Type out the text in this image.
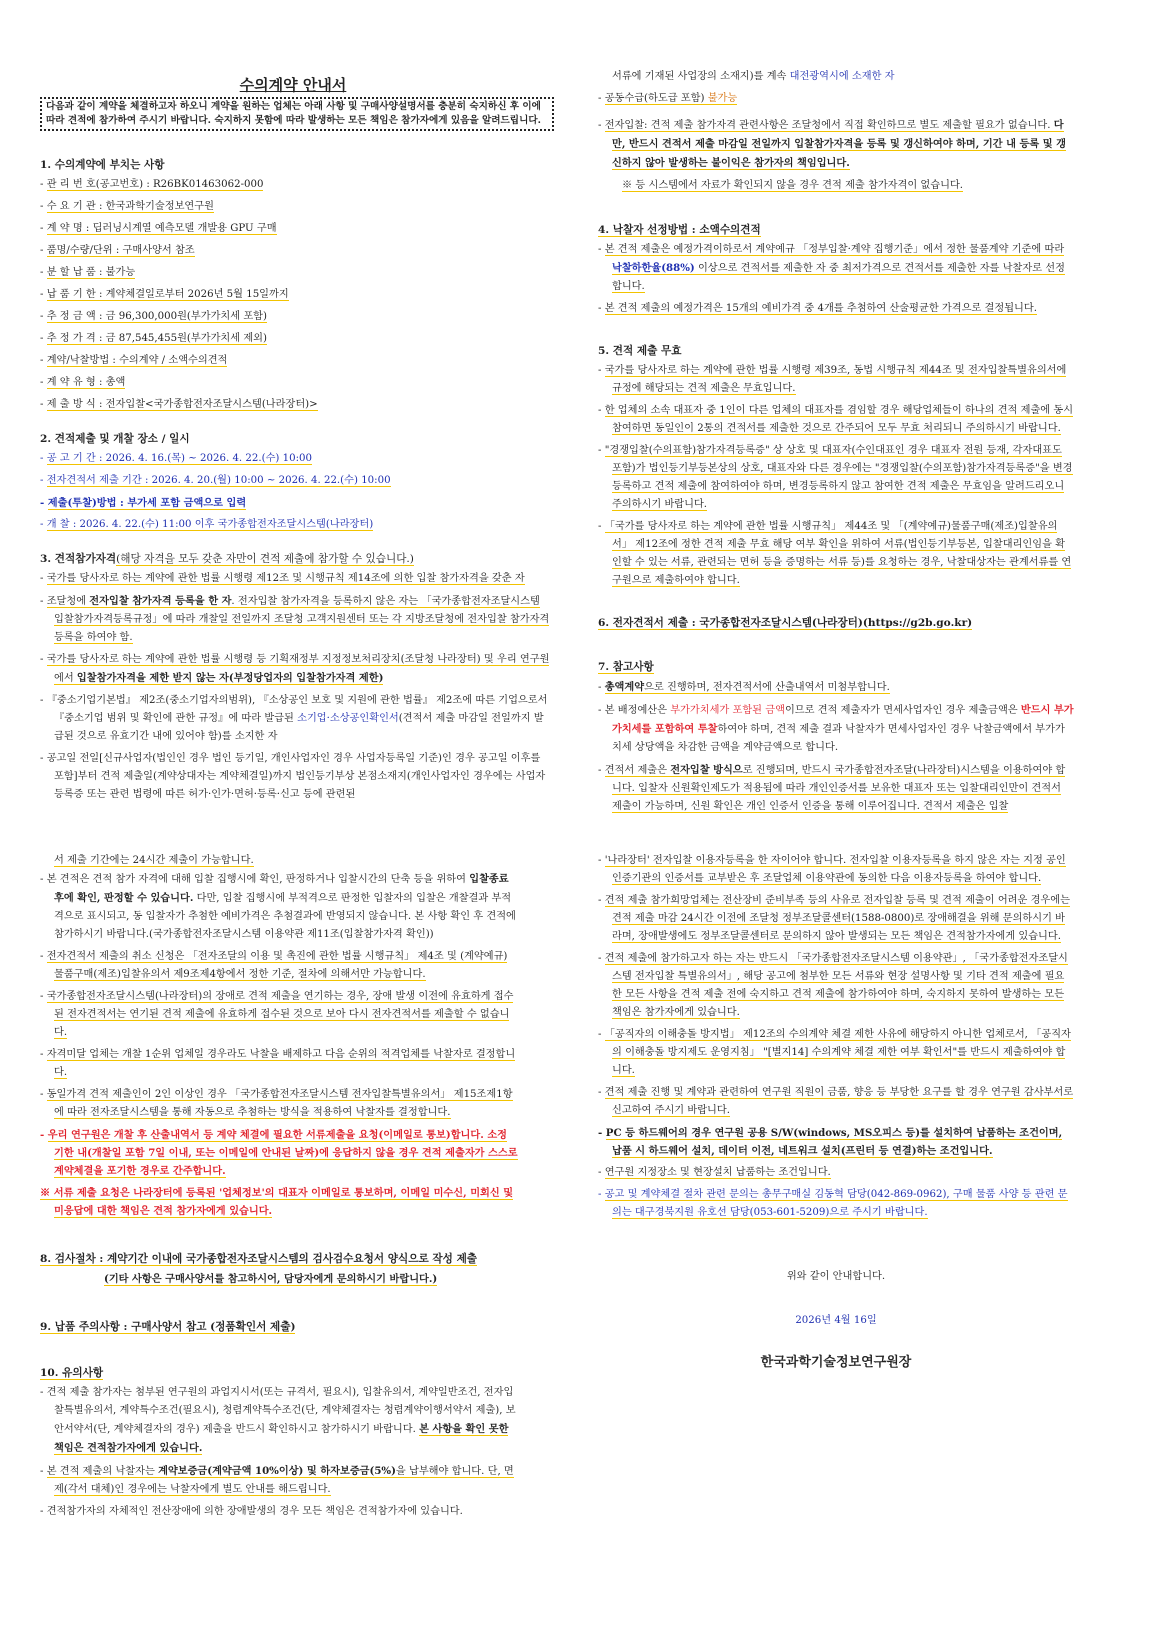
수의계약 안내서
다음과 같이 계약을 체결하고자 하오니 계약을 원하는 업체는 아래 사항 및 구매사양설명서를 충분히 숙지하신 후 이에 따라 견적에 참가하여 주시기 바랍니다. 숙지하지 못함에 따라 발생하는 모든 책임은 참가자에게 있음을 알려드립니다.

1. 수의계약에 부치는 사항

- 관 리 번 호(공고번호) : R26BK01463062-000

- 수 요 기 관 : 한국과학기술정보연구원

- 계 약 명 : 딥러닝시계열 예측모델 개발용 GPU 구매

- 품명/수량/단위 : 구매사양서 참조

- 분 할 납 품 : 불가능

- 납 품 기 한 : 계약체결일로부터 2026년 5월 15일까지

- 추 정 금 액 : 금 96,300,000원(부가가치세 포함)

- 추 정 가 격 : 금 87,545,455원(부가가치세 제외)

- 계약/낙찰방법 : 수의계약 / 소액수의견적

- 계 약 유 형 : 총액

- 제 출 방 식 : 전자입찰<국가종합전자조달시스템(나라장터)>

2. 견적제출 및 개찰 장소 / 일시

- 공 고 기 간 : 2026. 4. 16.(목) ~ 2026. 4. 22.(수) 10:00

- 전자견적서 제출 기간 : 2026. 4. 20.(월) 10:00 ~ 2026. 4. 22.(수) 10:00

- 제출(투찰)방법 : 부가세 포함 금액으로 입력

- 개 찰 : 2026. 4. 22.(수) 11:00 이후 국가종합전자조달시스템(나라장터)

3. 견적참가자격(해당 자격을 모두 갖춘 자만이 견적 제출에 참가할 수 있습니다.)

- 국가를 당사자로 하는 계약에 관한 법률 시행령 제12조 및 시행규칙 제14조에 의한 입찰 참가자격을 갖춘 자

- 조달청에 전자입찰 참가자격 등록을 한 자. 전자입찰 참가자격을 등록하지 않은 자는 「국가종합전자조달시스템 입찰참가자격등록규정」에 따라 개찰일 전일까지 조달청 고객지원센터 또는 각 지방조달청에 전자입찰 참가자격 등록을 하여야 함.

- 국가를 당사자로 하는 계약에 관한 법률 시행령 등 기획재정부 지정정보처리장치(조달청 나라장터) 및 우리 연구원에서 입찰참가자격을 제한 받지 않는 자(부정당업자의 입찰참가자격 제한)

- 『중소기업기본법』 제2조(중소기업자의범위), 『소상공인 보호 및 지원에 관한 법률』 제2조에 따른 기업으로서 『중소기업 범위 및 확인에 관한 규정』에 따라 발급된 소기업·소상공인확인서(견적서 제출 마감일 전일까지 발급된 것으로 유효기간 내에 있어야 함)를 소지한 자

- 공고일 전일[신규사업자(법인인 경우 법인 등기일, 개인사업자인 경우 사업자등록일 기준)인 경우 공고일 이후를 포함]부터 견적 제출일(계약상대자는 계약체결일)까지 법인등기부상 본점소재지(개인사업자인 경우에는 사업자등록증 또는 관련 법령에 따른 허가·인가·면허·등록·신고 등에 관련된

서류에 기재된 사업장의 소재지)를 계속 대전광역시에 소재한 자

- 공동수급(하도급 포함) 불가능

- 전자입찰: 견적 제출 참가자격 관련사항은 조달청에서 직접 확인하므로 별도 제출할 필요가 없습니다. 다만, 반드시 견적서 제출 마감일 전일까지 입찰참가자격을 등록 및 갱신하여야 하며, 기간 내 등록 및 갱신하지 않아 발생하는 불이익은 참가자의 책임입니다.

※ 등 시스템에서 자료가 확인되지 않을 경우 견적 제출 참가자격이 없습니다.

4. 낙찰자 선정방법 : 소액수의견적

- 본 견적 제출은 예정가격이하로서 계약예규 「정부입찰·계약 집행기준」에서 정한 물품계약 기준에 따라 낙찰하한율(88%) 이상으로 견적서를 제출한 자 중 최저가격으로 견적서를 제출한 자를 낙찰자로 선정합니다.

- 본 견적 제출의 예정가격은 15개의 예비가격 중 4개를 추첨하여 산술평균한 가격으로 결정됩니다.

5. 견적 제출 무효

- 국가를 당사자로 하는 계약에 관한 법률 시행령 제39조, 동법 시행규칙 제44조 및 전자입찰특별유의서에 규정에 해당되는 견적 제출은 무효입니다.

- 한 업체의 소속 대표자 중 1인이 다른 업체의 대표자를 겸임할 경우 해당업체들이 하나의 견적 제출에 동시 참여하면 동일인이 2통의 견적서를 제출한 것으로 간주되어 모두 무효 처리되니 주의하시기 바랍니다.

- "경쟁입찰(수의표함)참가자격등록증" 상 상호 및 대표자(수인대표인 경우 대표자 전원 등재, 각자대표도 포함)가 법인등기부등본상의 상호, 대표자와 다른 경우에는 "경쟁입찰(수의포함)참가자격등록증"을 변경등록하고 견적 제출에 참여하여야 하며, 변경등록하지 않고 참여한 견적 제출은 무효임을 알려드리오니 주의하시기 바랍니다.

- 「국가를 당사자로 하는 계약에 관한 법률 시행규칙」 제44조 및 「(계약예규)물품구매(제조)입찰유의서」 제12조에 정한 견적 제출 무효 해당 여부 확인을 위하여 서류(법인등기부등본, 입찰대리인임을 확인할 수 있는 서류, 관련되는 면허 등을 증명하는 서류 등)를 요청하는 경우, 낙찰대상자는 관계서류를 연구원으로 제출하여야 합니다.

6. 전자견적서 제출 : 국가종합전자조달시스템(나라장터)(https://g2b.go.kr)

7. 참고사항

- 총액계약으로 진행하며, 전자견적서에 산출내역서 미첨부합니다.

- 본 배정예산은 부가가치세가 포함된 금액이므로 견적 제출자가 면세사업자인 경우 제출금액은 반드시 부가가치세를 포함하여 투찰하여야 하며, 견적 제출 결과 낙찰자가 면세사업자인 경우 낙찰금액에서 부가가치세 상당액을 차감한 금액을 계약금액으로 합니다.

- 견적서 제출은 전자입찰 방식으로 진행되며, 반드시 국가종합전자조달(나라장터)시스템을 이용하여야 합니다. 입찰자 신원확인제도가 적용됨에 따라 개인인증서를 보유한 대표자 또는 입찰대리인만이 견적서 제출이 가능하며, 신원 확인은 개인 인증서 인증을 통해 이루어집니다. 견적서 제출은 입찰

서 제출 기간에는 24시간 제출이 가능합니다.

- 본 견적은 견적 참가 자격에 대해 입찰 집행시에 확인, 판정하거나 입찰시간의 단축 등을 위하여 입찰종료 후에 확인, 판정할 수 있습니다. 다만, 입찰 집행시에 부적격으로 판정한 입찰자의 입찰은 개찰결과 부적격으로 표시되고, 동 입찰자가 추첨한 예비가격은 추첨결과에 반영되지 않습니다. 본 사항 확인 후 견적에 참가하시기 바랍니다.(국가종합전자조달시스템 이용약관 제11조(입찰참가자격 확인))

- 전자견적서 제출의 취소 신청은 「전자조달의 이용 및 촉진에 관한 법률 시행규칙」 제4조 및 (계약예규) 물품구매(제조)입찰유의서 제9조제4항에서 정한 기준, 절차에 의해서만 가능합니다.

- 국가종합전자조달시스템(나라장터)의 장애로 견적 제출을 연기하는 경우, 장애 발생 이전에 유효하게 접수된 전자견적서는 연기된 견적 제출에 유효하게 접수된 것으로 보아 다시 전자견적서를 제출할 수 없습니다.

- 자격미달 업체는 개찰 1순위 업체일 경우라도 낙찰을 배제하고 다음 순위의 적격업체를 낙찰자로 결정합니다.

- 동일가격 견적 제출인이 2인 이상인 경우 「국가종합전자조달시스템 전자입찰특별유의서」 제15조제1항에 따라 전자조달시스템을 통해 자동으로 추첨하는 방식을 적용하여 낙찰자를 결정합니다.

- 우리 연구원은 개찰 후 산출내역서 등 계약 체결에 필요한 서류제출을 요청(이메일로 통보)합니다. 소정 기한 내(개찰일 포함 7일 이내, 또는 이메일에 안내된 날짜)에 응답하지 않을 경우 견적 제출자가 스스로 계약체결을 포기한 경우로 간주합니다.

※ 서류 제출 요청은 나라장터에 등록된 '업체정보'의 대표자 이메일로 통보하며, 이메일 미수신, 미회신 및 미응답에 대한 책임은 견적 참가자에게 있습니다.

8. 검사절차 : 계약기간 이내에 국가종합전자조달시스템의 검사검수요청서 양식으로 작성 제출

(기타 사항은 구매사양서를 참고하시어, 담당자에게 문의하시기 바랍니다.)

9. 납품 주의사항 : 구매사양서 참고 (정품확인서 제출)

10. 유의사항

- 견적 제출 참가자는 첨부된 연구원의 과업지시서(또는 규격서, 필요시), 입찰유의서, 계약일반조건, 전자입찰특별유의서, 계약특수조건(필요시), 청렴계약특수조건(단, 계약체결자는 청렴계약이행서약서 제출), 보안서약서(단, 계약체결자의 경우) 제출을 반드시 확인하시고 참가하시기 바랍니다. 본 사항을 확인 못한 책임은 견적참가자에게 있습니다.

- 본 견적 제출의 낙찰자는 계약보증금(계약금액 10%이상) 및 하자보증금(5%)을 납부해야 합니다. 단, 면제(각서 대체)인 경우에는 낙찰자에게 별도 안내를 해드립니다.

- 견적참가자의 자체적인 전산장애에 의한 장애발생의 경우 모든 책임은 견적참가자에 있습니다.

- '나라장터' 전자입찰 이용자등록을 한 자이어야 합니다. 전자입찰 이용자등록을 하지 않은 자는 지정 공인인증기관의 인증서를 교부받은 후 조달업체 이용약관에 동의한 다음 이용자등록을 하여야 합니다.

- 견적 제출 참가희망업체는 전산장비 준비부족 등의 사유로 전자입찰 등록 및 견적 제출이 어려운 경우에는 견적 제출 마감 24시간 이전에 조달청 정부조달콜센터(1588-0800)로 장애해결을 위해 문의하시기 바라며, 장애발생에도 정부조달콜센터로 문의하지 않아 발생되는 모든 책임은 견적참가자에게 있습니다.

- 견적 제출에 참가하고자 하는 자는 반드시 「국가종합전자조달시스템 이용약관」, 「국가종합전자조달시스템 전자입찰 특별유의서」, 해당 공고에 첨부한 모든 서류와 현장 설명사항 및 기타 견적 제출에 필요한 모든 사항을 견적 제출 전에 숙지하고 견적 제출에 참가하여야 하며, 숙지하지 못하여 발생하는 모든 책임은 참가자에게 있습니다.

- 「공직자의 이해충돌 방지법」 제12조의 수의계약 체결 제한 사유에 해당하지 아니한 업체로서, 「공직자의 이해충돌 방지제도 운영지침」 "[별지14] 수의계약 체결 제한 여부 확인서"를 반드시 제출하여야 합니다.

- 견적 제출 진행 및 계약과 관련하여 연구원 직원이 금품, 향응 등 부당한 요구를 할 경우 연구원 감사부서로 신고하여 주시기 바랍니다.

- PC 등 하드웨어의 경우 연구원 공용 S/W(windows, MS오피스 등)를 설치하여 납품하는 조건이며, 납품 시 하드웨어 설치, 데이터 이전, 네트워크 설치(프린터 등 연결)하는 조건입니다.

- 연구원 지정장소 및 현장설치 납품하는 조건입니다.

- 공고 및 계약체결 절차 관련 문의는 총무구매실 김동혁 담당(042-869-0962), 구매 물품 사양 등 관련 문의는 대구경북지원 유호선 담당(053-601-5209)으로 주시기 바랍니다.

위와 같이 안내합니다.

2026년 4월 16일

한국과학기술정보연구원장
